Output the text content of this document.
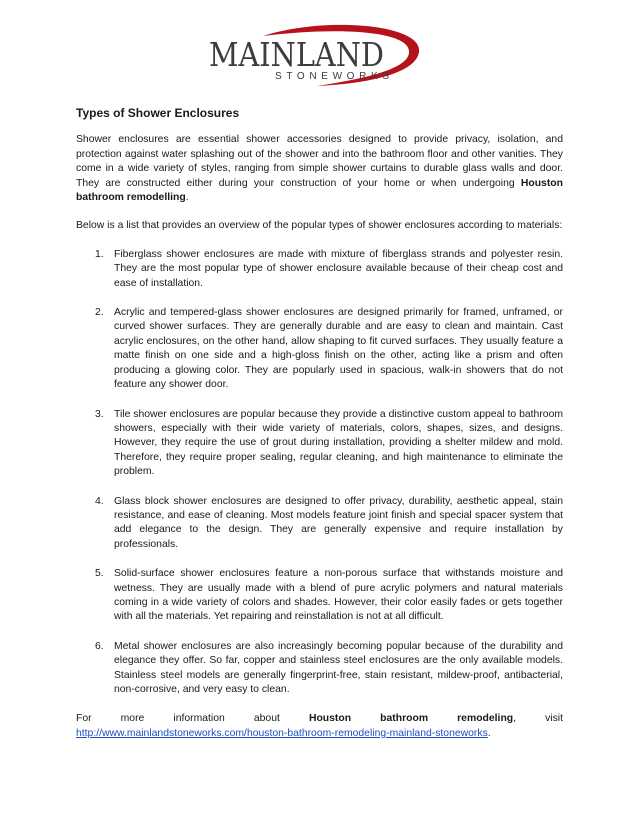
MAINLAND
STONEWORKS
Types of Shower Enclosures

Shower enclosures are essential shower accessories designed to provide privacy, isolation, and protection against water splashing out of the shower and into the bathroom floor and other vanities. They come in a wide variety of styles, ranging from simple shower curtains to durable glass walls and door. They are constructed either during your construction of your home or when undergoing Houston bathroom remodelling.

Below is a list that provides an overview of the popular types of shower enclosures according to materials:

1. Fiberglass shower enclosures are made with mixture of fiberglass strands and polyester resin. They are the most popular type of shower enclosure available because of their cheap cost and ease of installation.
2. Acrylic and tempered-glass shower enclosures are designed primarily for framed, unframed, or curved shower surfaces. They are generally durable and are easy to clean and maintain. Cast acrylic enclosures, on the other hand, allow shaping to fit curved surfaces. They usually feature a matte finish on one side and a high-gloss finish on the other, acting like a prism and often producing a glowing color. They are popularly used in spacious, walk-in showers that do not feature any shower door.
3. Tile shower enclosures are popular because they provide a distinctive custom appeal to bathroom showers, especially with their wide variety of materials, colors, shapes, sizes, and designs. However, they require the use of grout during installation, providing a shelter mildew and mold. Therefore, they require proper sealing, regular cleaning, and high maintenance to eliminate the problem.
4. Glass block shower enclosures are designed to offer privacy, durability, aesthetic appeal, stain resistance, and ease of cleaning. Most models feature joint finish and special spacer system that add elegance to the design. They are generally expensive and require installation by professionals.
5. Solid-surface shower enclosures feature a non-porous surface that withstands moisture and wetness. They are usually made with a blend of pure acrylic polymers and natural materials coming in a wide variety of colors and shades. However, their color easily fades or gets together with all the materials. Yet repairing and reinstallation is not at all difficult.
6. Metal shower enclosures are also increasingly becoming popular because of the durability and elegance they offer. So far, copper and stainless steel enclosures are the only available models. Stainless steel models are generally fingerprint-free, stain resistant, mildew-proof, antibacterial, non-corrosive, and very easy to clean.

For more information about Houston bathroom remodeling, visit

http://www.mainlandstoneworks.com/houston-bathroom-remodeling-mainland-stoneworks.
